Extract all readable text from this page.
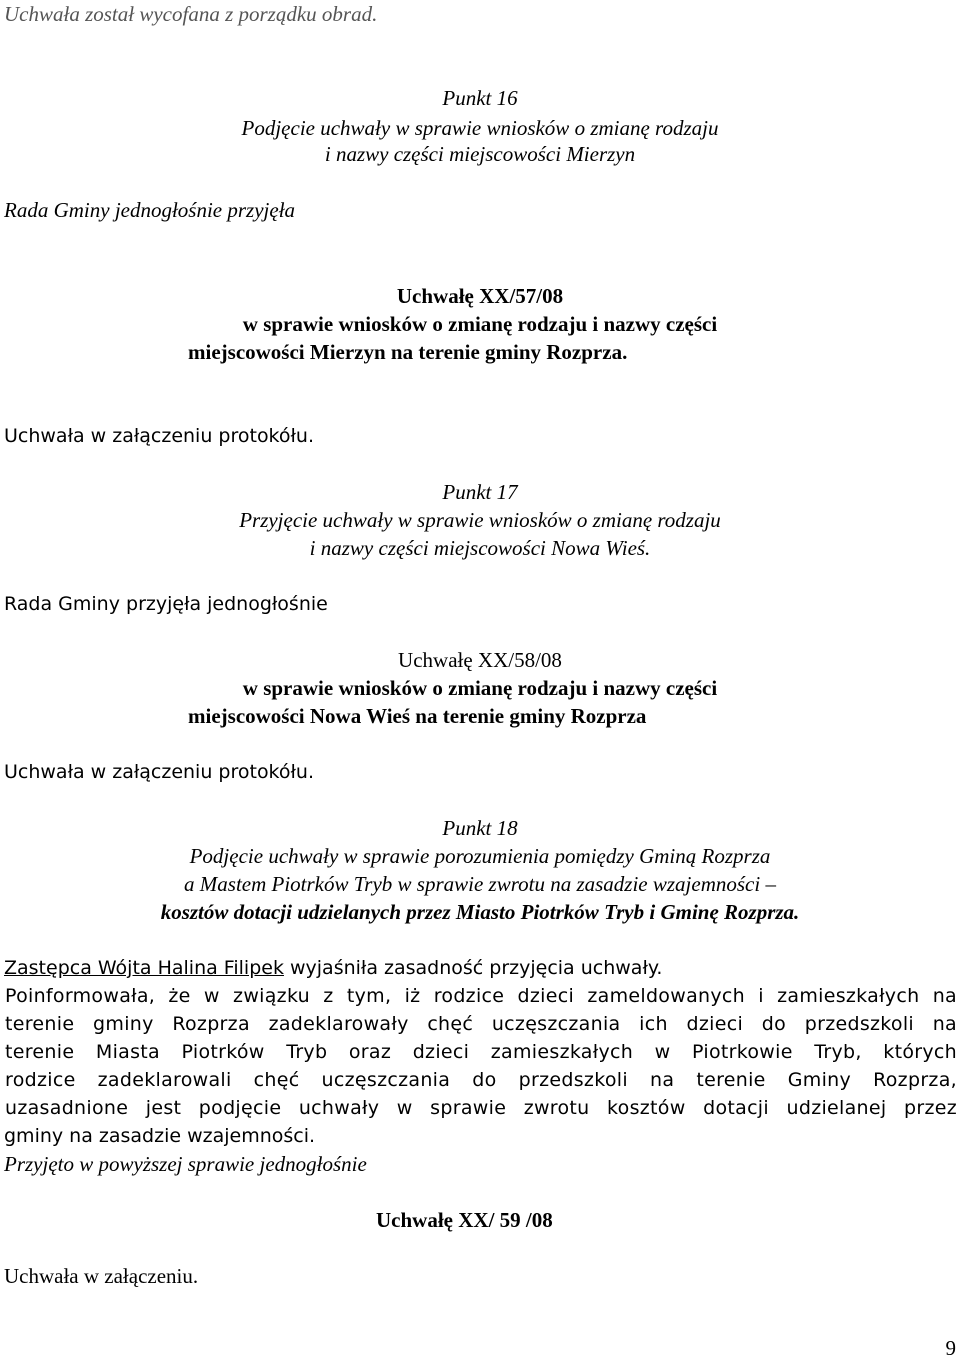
Uchwała został wycofana z porządku obrad.

Punkt 16

Podjęcie uchwały w sprawie wniosków o zmianę rodzaju

i nazwy części miejscowości Mierzyn

Rada Gminy jednogłośnie przyjęła

Uchwałę XX/57/08

w sprawie wniosków o zmianę rodzaju i nazwy części

miejscowości Mierzyn na terenie gminy Rozprza.

Uchwała w załączeniu protokółu.

Punkt 17

Przyjęcie uchwały w sprawie wniosków o zmianę rodzaju

i nazwy części miejscowości Nowa Wieś.

Rada Gminy przyjęła jednogłośnie

Uchwałę XX/58/08

w sprawie wniosków o zmianę rodzaju i nazwy części

miejscowości Nowa Wieś na terenie gminy Rozprza

Uchwała w załączeniu protokółu.

Punkt 18

Podjęcie uchwały w sprawie porozumienia pomiędzy Gminą Rozprza

a Mastem Piotrków Tryb w sprawie zwrotu na zasadzie wzajemności –

kosztów dotacji udzielanych przez Miasto Piotrków Tryb i Gminę Rozprza.

Zastępca Wójta Halina Filipek wyjaśniła zasadność przyjęcia uchwały.

Poinformowała, że w związku z tym, iż rodzice dzieci zameldowanych i zamieszkałych na

terenie gminy Rozprza zadeklarowały chęć uczęszczania ich dzieci do przedszkoli na

terenie Miasta Piotrków Tryb oraz dzieci zamieszkałych w Piotrkowie Tryb, których

rodzice zadeklarowali chęć uczęszczania do przedszkoli na terenie Gminy Rozprza,

uzasadnione jest podjęcie uchwały w sprawie zwrotu kosztów dotacji udzielanej przez

gminy na zasadzie wzajemności.

Przyjęto w powyższej sprawie jednogłośnie

Uchwałę XX/ 59 /08

Uchwała w załączeniu.

9
